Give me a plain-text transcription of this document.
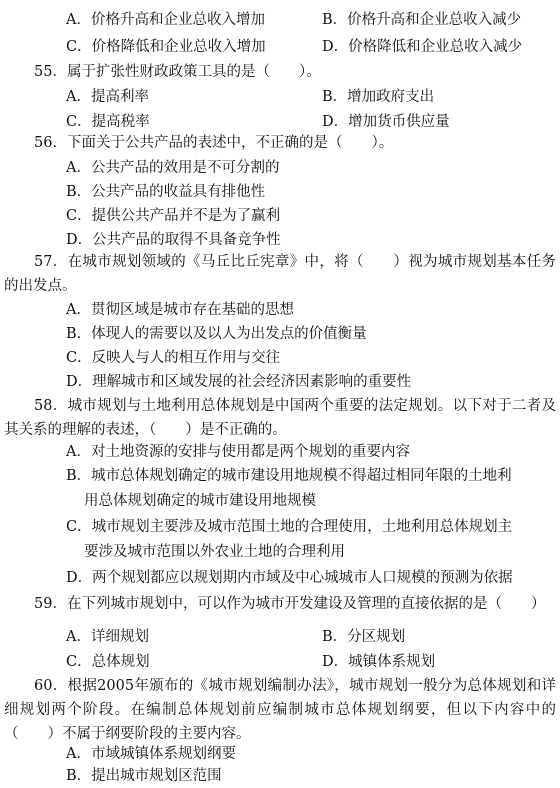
A．价格升高和企业总收入增加	B．价格升高和企业总收入减少
C．价格降低和企业总收入增加	D．价格降低和企业总收入减少
55．属于扩张性财政政策工具的是（　　）。
A．提高利率	B．增加政府支出
C．提高税率	D．增加货币供应量
56．下面关于公共产品的表述中，不正确的是（　　）。
A．公共产品的效用是不可分割的
B．公共产品的收益具有排他性
C．提供公共产品并不是为了赢利
D．公共产品的取得不具备竞争性
57．在城市规划领域的《马丘比丘宪章》中，将（　　）视为城市规划基本任务的出发点。
A．贯彻区域是城市存在基础的思想
B．体现人的需要以及以人为出发点的价值衡量
C．反映人与人的相互作用与交往
D．理解城市和区域发展的社会经济因素影响的重要性
58．城市规划与土地利用总体规划是中国两个重要的法定规划。以下对于二者及其关系的理解的表述，（　　）是不正确的。
A．对土地资源的安排与使用都是两个规划的重要内容
B．城市总体规划确定的城市建设用地规模不得超过相同年限的土地利
用总体规划确定的城市建设用地规模
C．城市规划主要涉及城市范围土地的合理使用，土地利用总体规划主
要涉及城市范围以外农业土地的合理利用
D．两个规划都应以规划期内市域及中心城城市人口规模的预测为依据
59．在下列城市规划中，可以作为城市开发建设及管理的直接依据的是（　　）
A．详细规划	B．分区规划
C．总体规划	D．城镇体系规划
60．根据2005年颁布的《城市规划编制办法》，城市规划一般分为总体规划和详细规划两个阶段。在编制总体规划前应编制城市总体规划纲要，但以下内容中的（　　）不属于纲要阶段的主要内容。
A．市域城镇体系规划纲要
B．提出城市规划区范围
